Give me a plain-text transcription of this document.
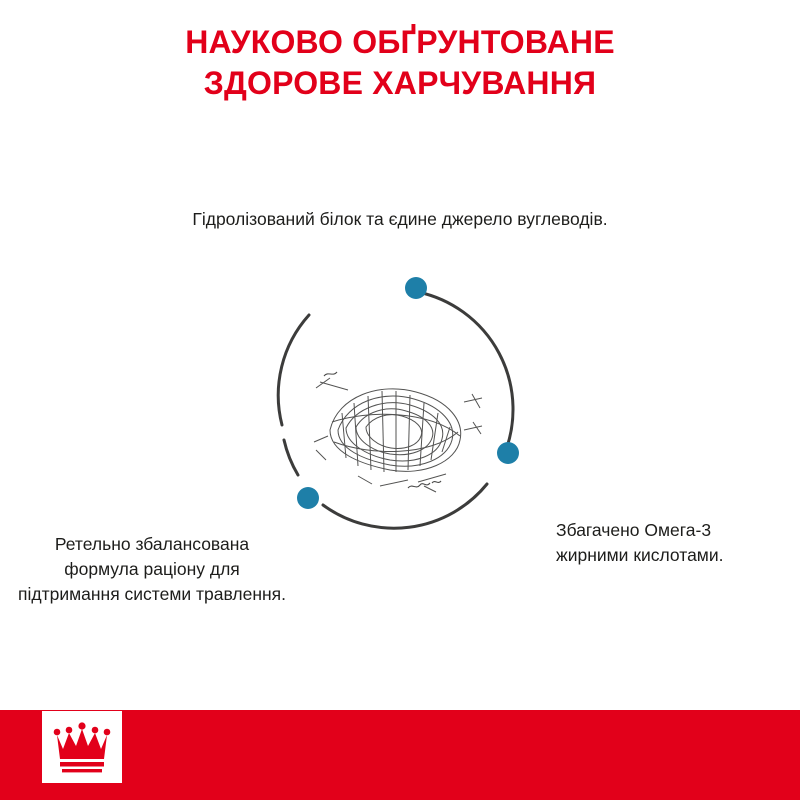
НАУКОВО ОБҐРУНТОВАНЕ
ЗДОРОВЕ ХАРЧУВАННЯ
Гідролізований білок та єдине джерело вуглеводів.
Збагачено Омега-3 жирними кислотами.
Ретельно збалансована формула раціону для підтримання системи травлення.
